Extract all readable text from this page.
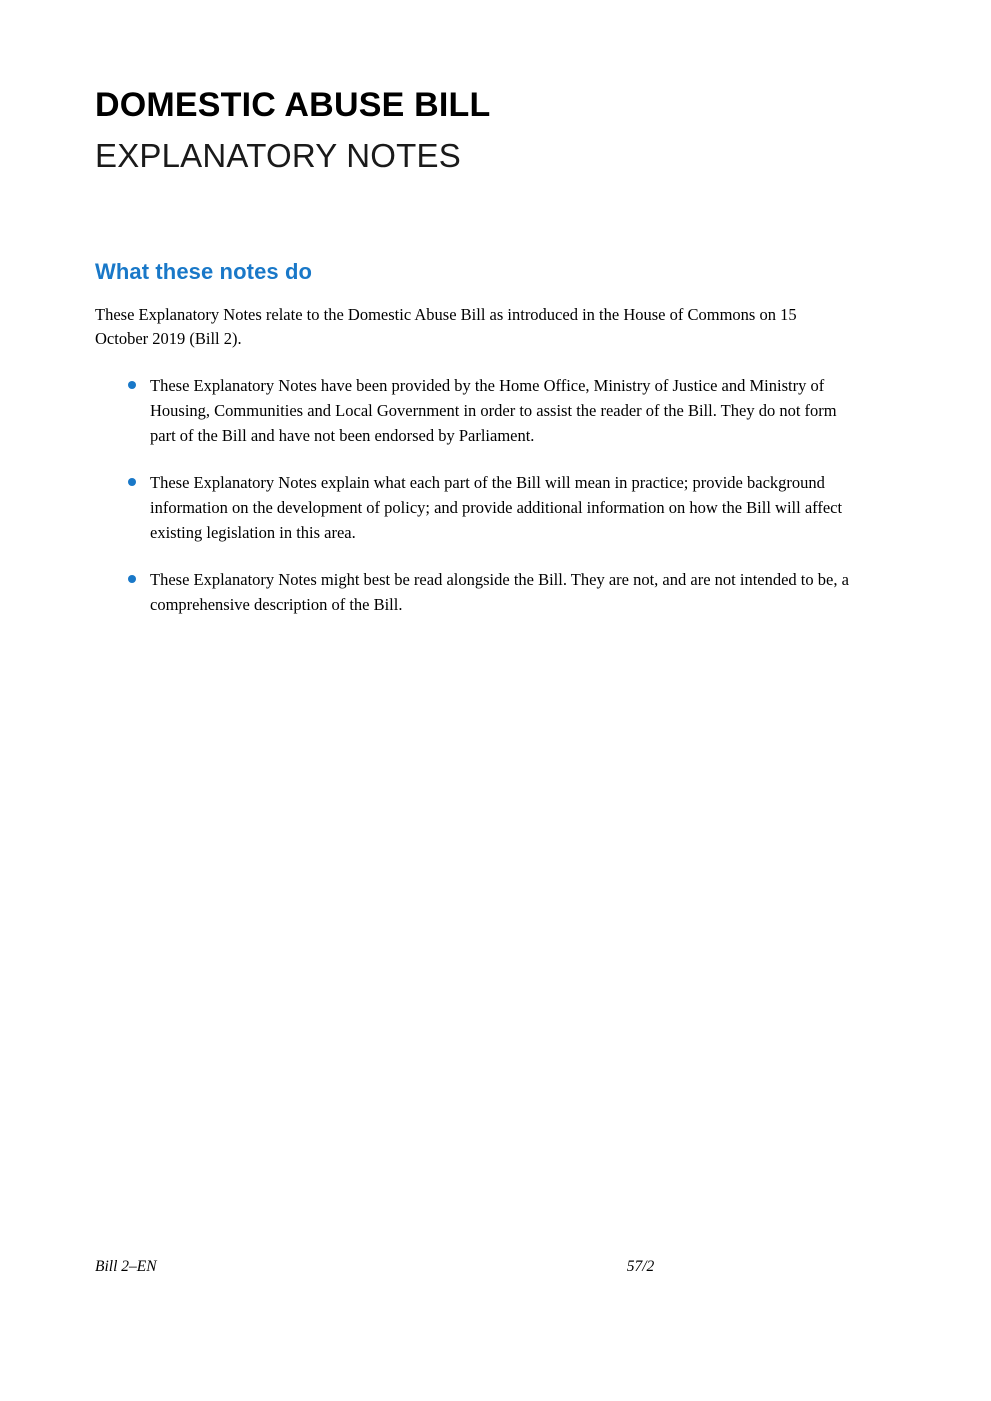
DOMESTIC ABUSE BILL
EXPLANATORY NOTES
What these notes do

These Explanatory Notes relate to the Domestic Abuse Bill as introduced in the House of Commons on 15 October 2019 (Bill 2).

These Explanatory Notes have been provided by the Home Office, Ministry of Justice and Ministry of Housing, Communities and Local Government in order to assist the reader of the Bill. They do not form part of the Bill and have not been endorsed by Parliament.
These Explanatory Notes explain what each part of the Bill will mean in practice; provide background information on the development of policy; and provide additional information on how the Bill will affect existing legislation in this area.
These Explanatory Notes might best be read alongside the Bill. They are not, and are not intended to be, a comprehensive description of the Bill.
Bill 2–EN	57/2
